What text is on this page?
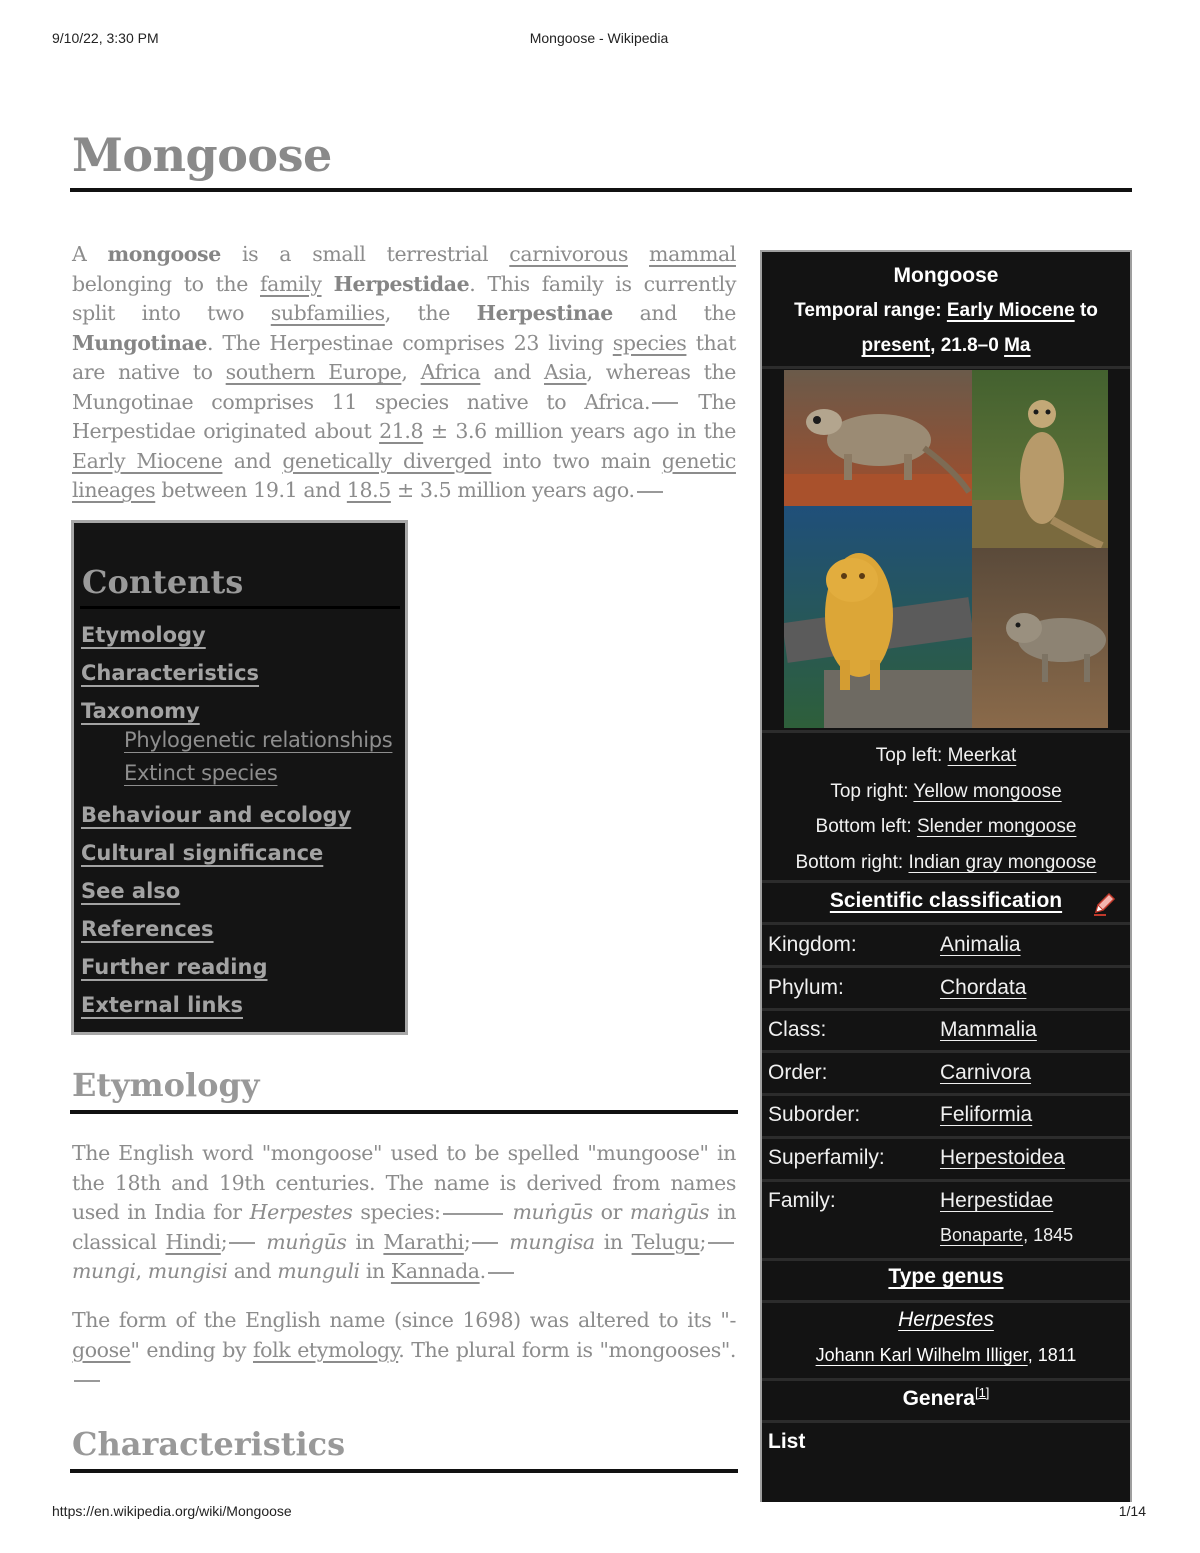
9/10/22, 3:30 PM	Mongoose - Wikipedia
Mongoose

A mongoose is a small terrestrial carnivorous mammal belonging to the family Herpestidae. This family is currently split into two subfamilies, the Herpestinae and the Mungotinae. The Herpestinae comprises 23 living species that are native to southern Europe, Africa and Asia, whereas the Mungotinae comprises 11 species native to Africa. The Herpestidae originated about 21.8 ± 3.6 million years ago in the Early Miocene and genetically diverged into two main genetic lineages between 19.1 and 18.5 ± 3.5 million years ago.

Contents
Etymology
Characteristics
Taxonomy
Phylogenetic relationships
Extinct species
Behaviour and ecology
Cultural significance
See also
References
Further reading
External links
Etymology

The English word "mongoose" used to be spelled "mungoose" in the 18th and 19th centuries. The name is derived from names used in India for Herpestes species:	muṅgūs or maṅgūs in classical Hindi; muṅgūs in Marathi; mungisa in Telugu; mungi, mungisi and munguli in Kannada.

The form of the English name (since 1698) was altered to its "-goose" ending by folk etymology. The plural form is "mongooses".

Characteristics
Mongoose
Temporal range: Early Miocene to
present, 21.8–0 Ma
Top left: Meerkat
Top right: Yellow mongoose
Bottom left: Slender mongoose
Bottom right: Indian gray mongoose
Scientific classification
Kingdom:	Animalia
Phylum:	Chordata
Class:	Mammalia
Order:	Carnivora
Suborder:	Feliformia
Superfamily:	Herpestoidea
Family:	Herpestidae
Bonaparte, 1845
Type genus
Herpestes
Johann Karl Wilhelm Illiger, 1811
Genera[1]
List
https://en.wikipedia.org/wiki/Mongoose	1/14
